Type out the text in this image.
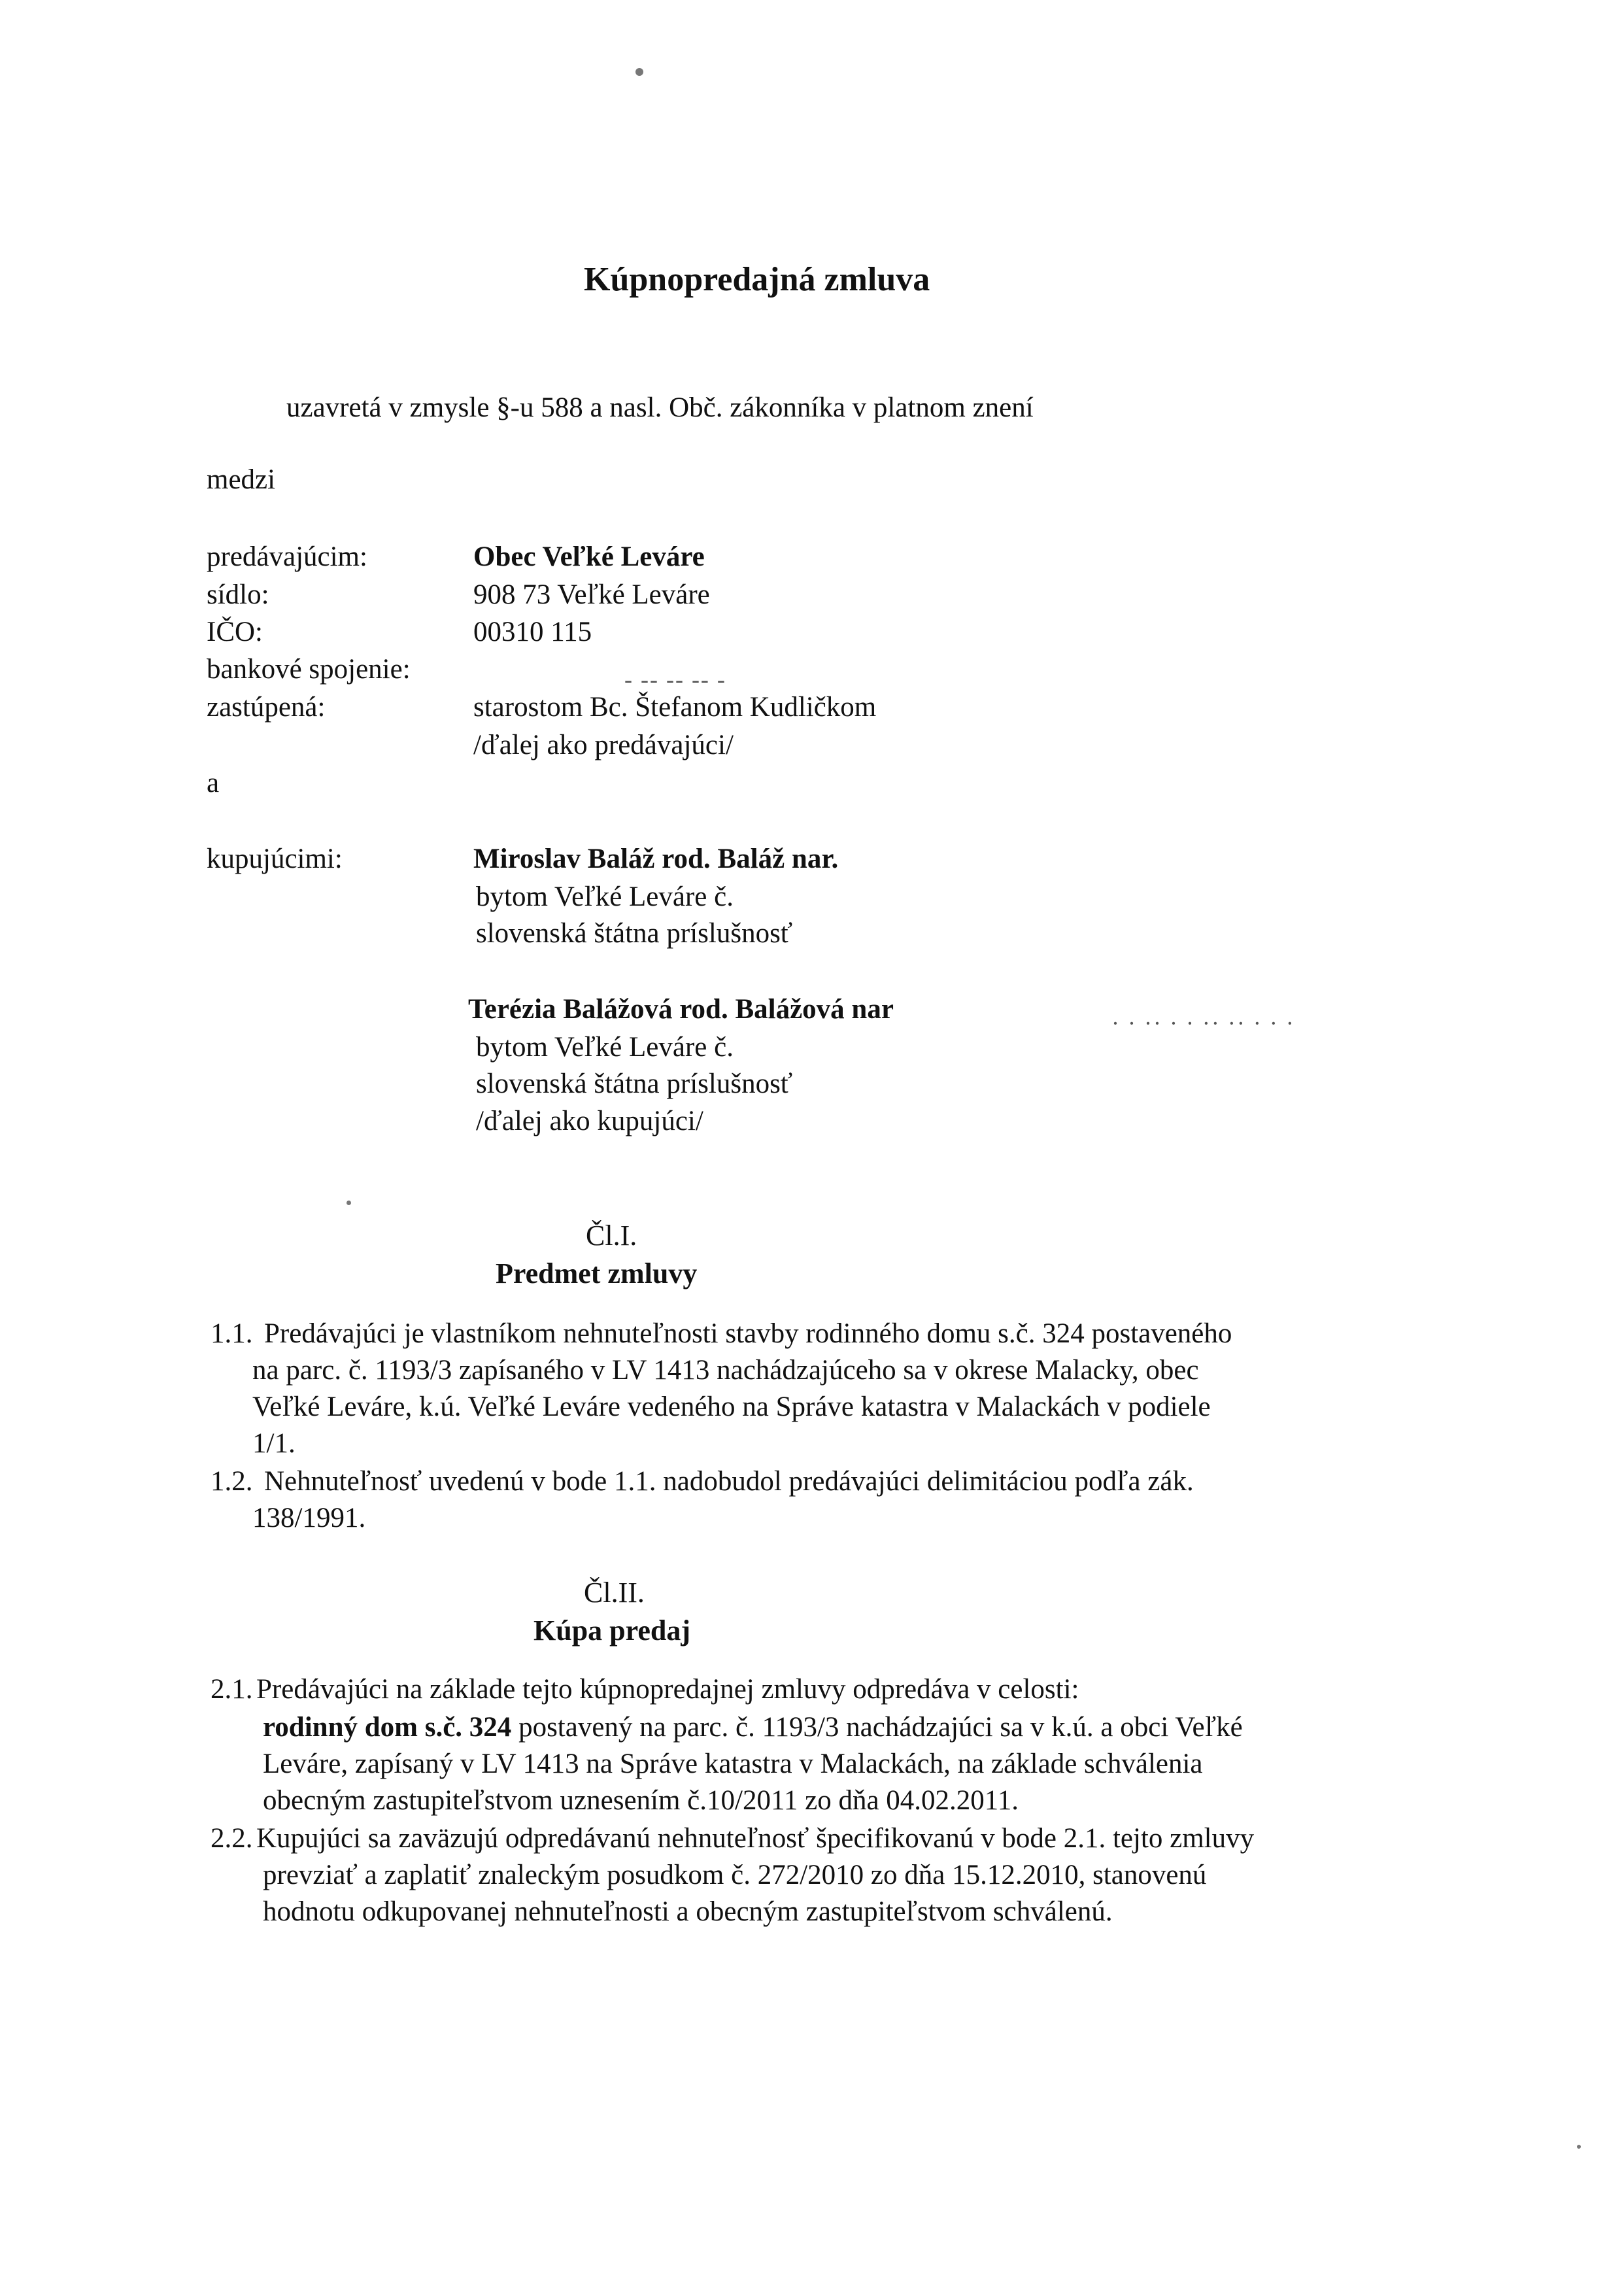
- -- -- -- -
· · ·· · · ·· ·· · · ·
Kúpnopredajná zmluva
uzavretá v zmysle §-u 588 a nasl. Obč. zákonníka v platnom znení
medzi
predávajúcim:	Obec Veľké Leváre
sídlo:	908 73 Veľké Leváre
IČO:	00310 115
bankové spojenie:
zastúpená:	starostom Bc. Štefanom Kudličkom
/ďalej ako predávajúci/
a
kupujúcimi:	Miroslav Baláž rod. Baláž nar.
bytom Veľké Leváre č.
slovenská štátna príslušnosť
Terézia Balážová rod. Balážová nar
bytom Veľké Leváre č.
slovenská štátna príslušnosť
/ďalej ako kupujúci/
Čl.I.
Predmet zmluvy
1.1. Predávajúci je vlastníkom nehnuteľnosti stavby rodinného domu s.č. 324 postaveného
na parc. č. 1193/3 zapísaného v LV 1413 nachádzajúceho sa v okrese Malacky, obec
Veľké Leváre, k.ú. Veľké Leváre vedeného na Správe katastra v Malackách v podiele
1/1.
1.2. Nehnuteľnosť uvedenú v bode 1.1. nadobudol predávajúci delimitáciou podľa zák.
138/1991.
Čl.II.
Kúpa predaj
2.1. Predávajúci na základe tejto kúpnopredajnej zmluvy odpredáva v celosti:
rodinný dom s.č. 324 postavený na parc. č. 1193/3 nachádzajúci sa v k.ú. a obci Veľké
Leváre, zapísaný v LV 1413 na Správe katastra v Malackách, na základe schválenia
obecným zastupiteľstvom uznesením č.10/2011 zo dňa 04.02.2011.
2.2. Kupujúci sa zaväzujú odpredávanú nehnuteľnosť špecifikovanú v bode 2.1. tejto zmluvy
prevziať a zaplatiť znaleckým posudkom č. 272/2010 zo dňa 15.12.2010, stanovenú
hodnotu odkupovanej nehnuteľnosti a obecným zastupiteľstvom schválenú.
